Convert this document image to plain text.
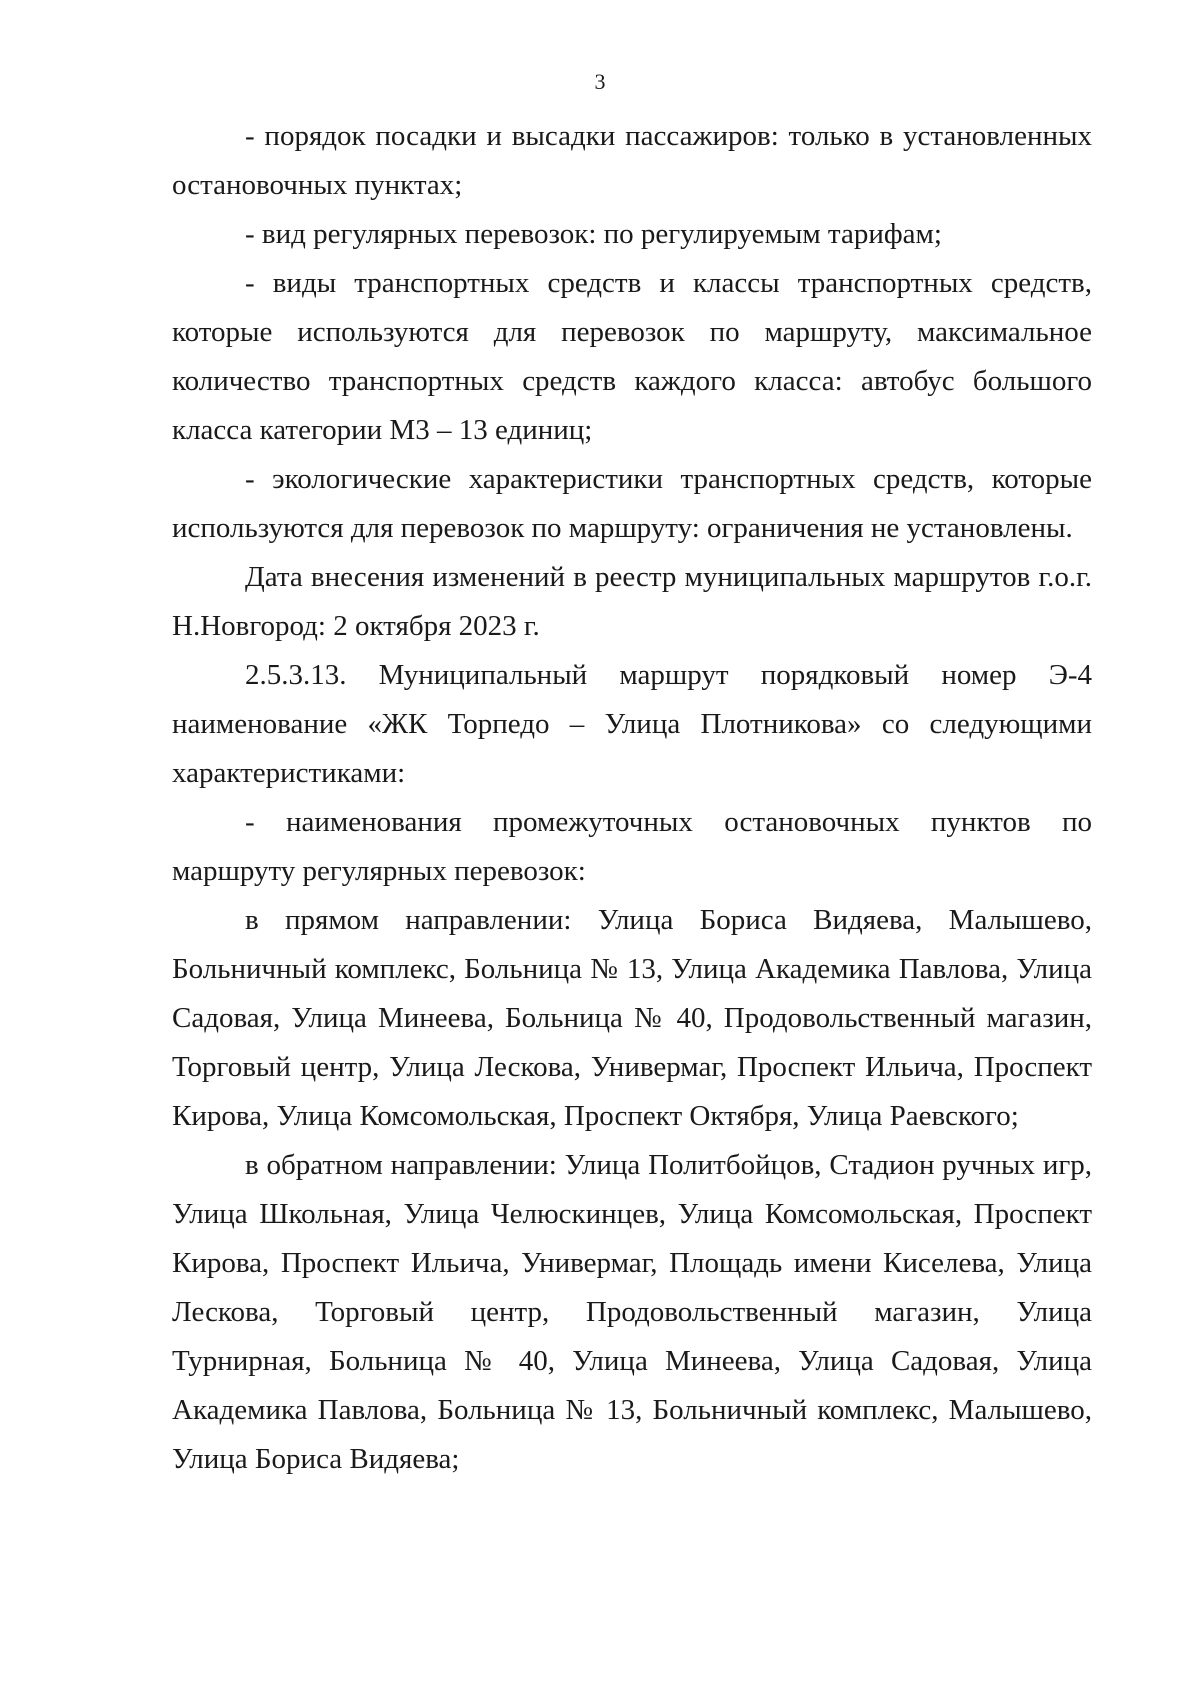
3

- порядок посадки и высадки пассажиров: только в установленных остановочных пунктах;

- вид регулярных перевозок: по регулируемым тарифам;

- виды транспортных средств и классы транспортных средств, которые используются для перевозок по маршруту, максимальное количество транспортных средств каждого класса: автобус большого класса категории М3 – 13 единиц;

- экологические характеристики транспортных средств, которые используются для перевозок по маршруту: ограничения не установлены.

Дата внесения изменений в реестр муниципальных маршрутов г.о.г. Н.Новгород: 2 октября 2023 г.

2.5.3.13. Муниципальный маршрут порядковый номер Э-4 наименование «ЖК Торпедо – Улица Плотникова» со следующими характеристиками:

- наименования промежуточных остановочных пунктов по маршруту регулярных перевозок:

в прямом направлении: Улица Бориса Видяева, Малышево, Больничный комплекс, Больница № 13, Улица Академика Павлова, Улица Садовая, Улица Минеева, Больница № 40, Продовольственный магазин, Торговый центр, Улица Лескова, Универмаг, Проспект Ильича, Проспект Кирова, Улица Комсомольская, Проспект Октября, Улица Раевского;

в обратном направлении: Улица Политбойцов, Стадион ручных игр, Улица Школьная, Улица Челюскинцев, Улица Комсомольская, Проспект Кирова, Проспект Ильича, Универмаг, Площадь имени Киселева, Улица Лескова, Торговый центр, Продовольственный магазин, Улица Турнирная, Больница № 40, Улица Минеева, Улица Садовая, Улица Академика Павлова, Больница № 13, Больничный комплекс, Малышево, Улица Бориса Видяева;
